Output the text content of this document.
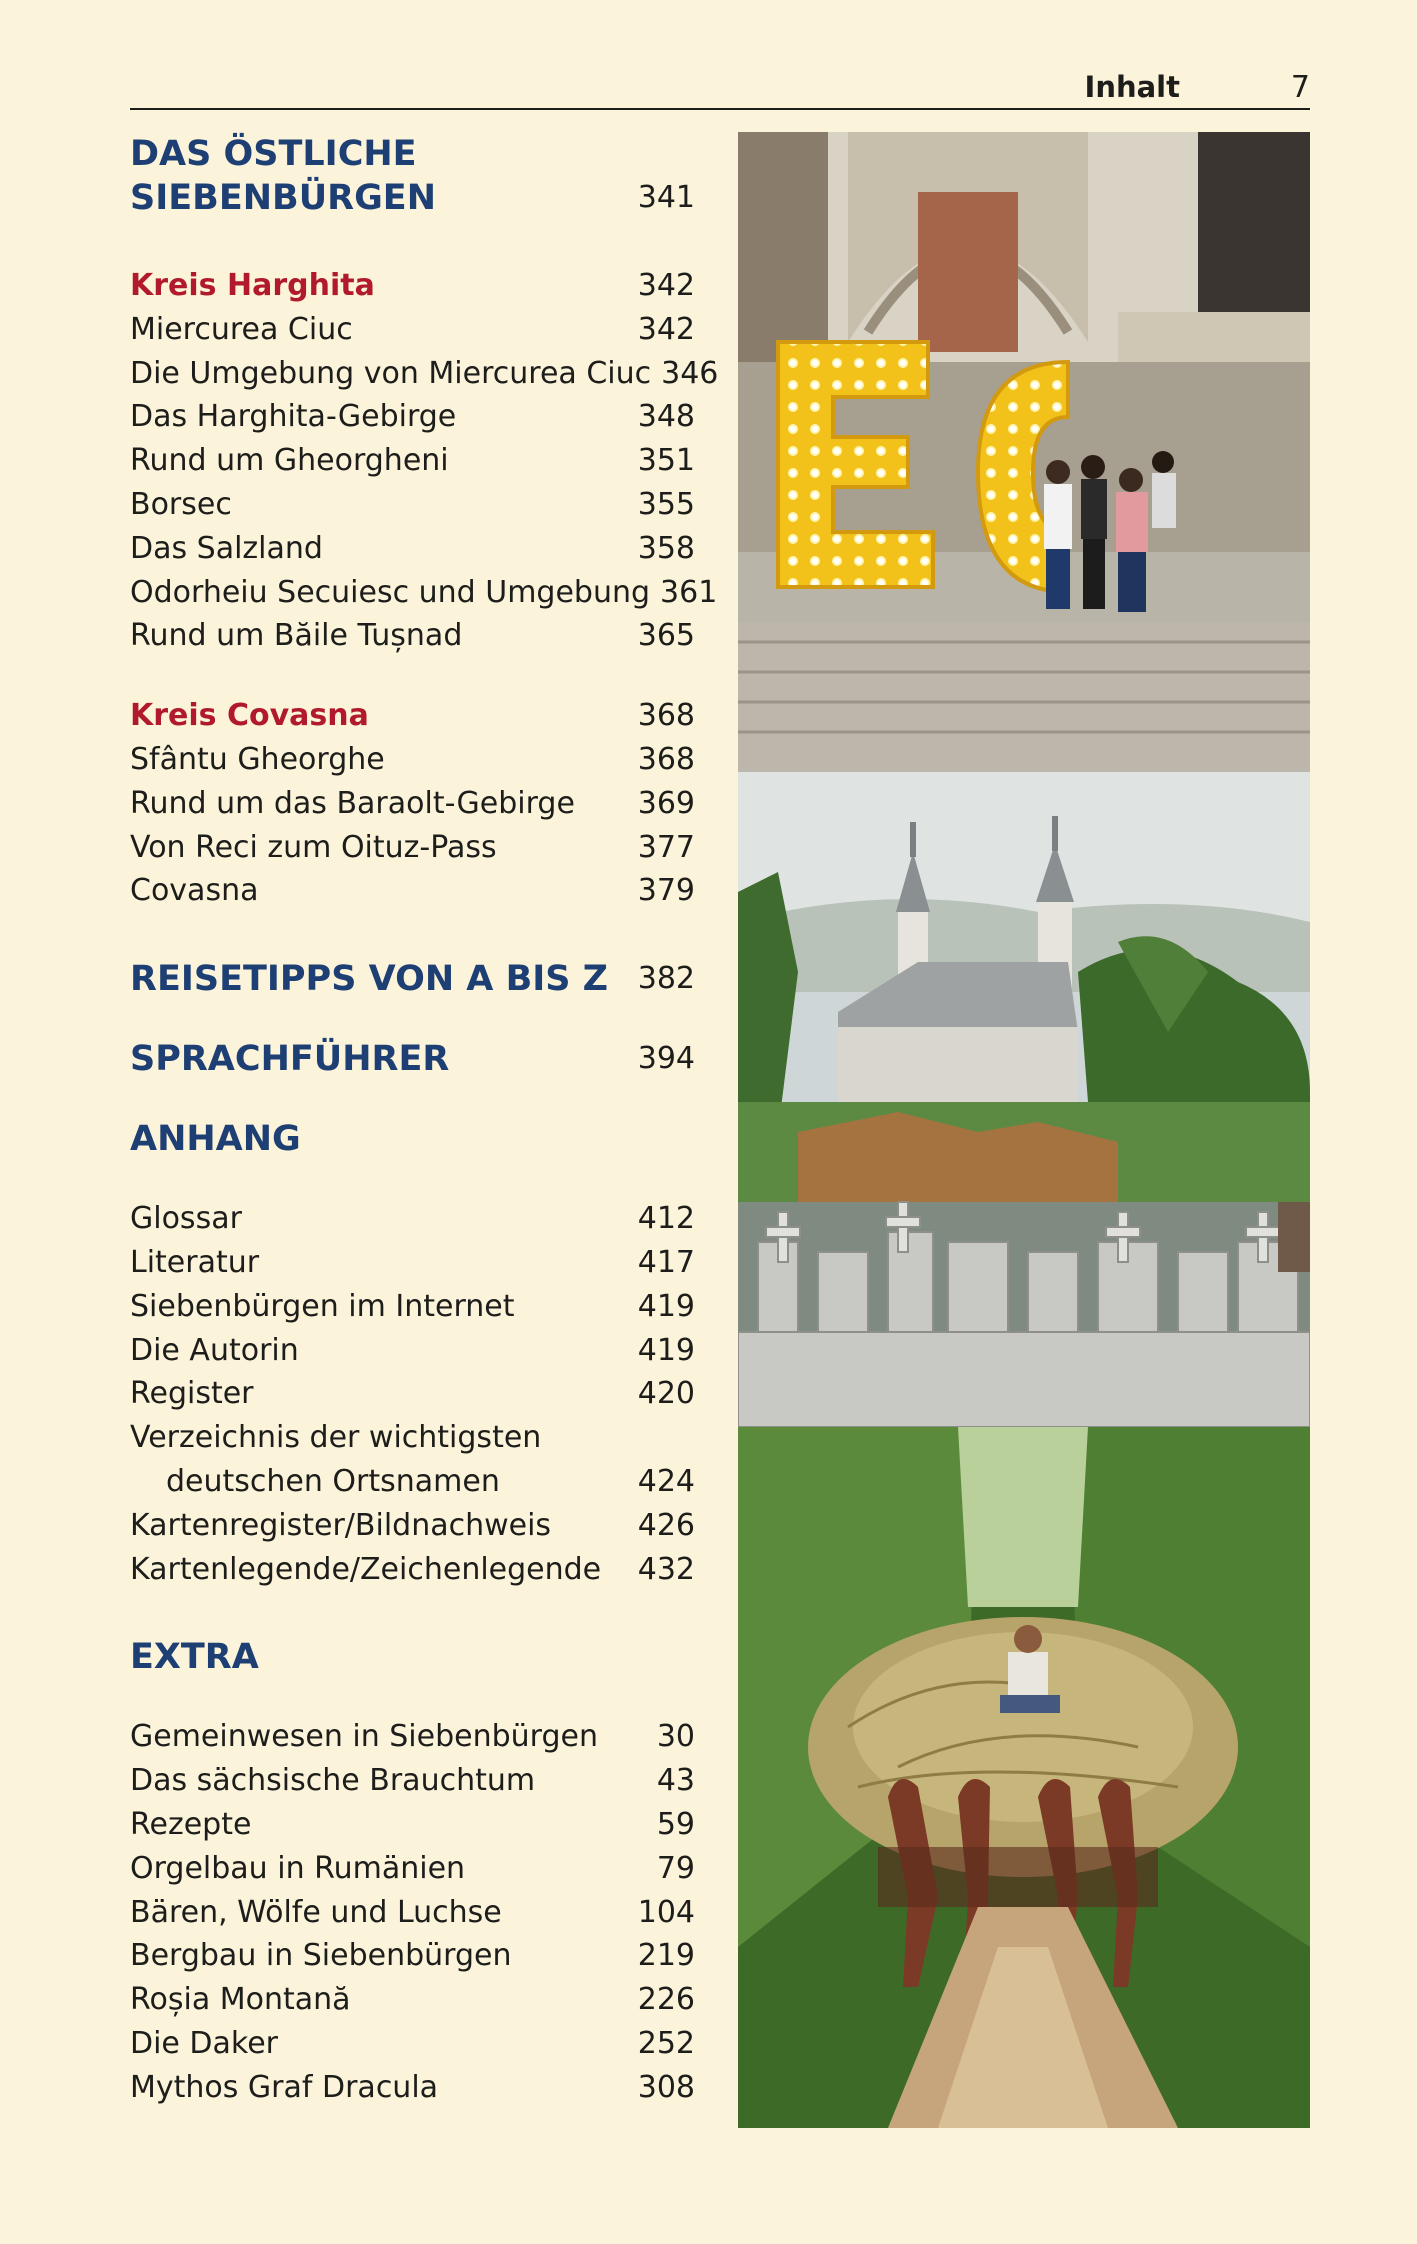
Inhalt	7
DAS ÖSTLICHE
SIEBENBÜRGEN	341
Kreis Harghita	342
Miercurea Ciuc	342
Die Umgebung von Miercurea Ciuc 346
Das Harghita-Gebirge	348
Rund um Gheorgheni	351
Borsec	355
Das Salzland	358
Odorheiu Secuiesc und Umgebung 361
Rund um Băile Tușnad	365
Kreis Covasna	368
Sfântu Gheorghe	368
Rund um das Baraolt-Gebirge 369
Von Reci zum Oituz-Pass	377
Covasna	379
REISETIPPS VON A BIS Z 382
SPRACHFÜHRER	394
ANHANG
Glossar	412
Literatur	417
Siebenbürgen im Internet	419
Die Autorin	419
Register	420
Verzeichnis der wichtigsten
deutschen Ortsnamen	424
Kartenregister/Bildnachweis	426
Kartenlegende/Zeichenlegende 432
EXTRA
Gemeinwesen in Siebenbürgen 30
Das sächsische Brauchtum	43
Rezepte	59
Orgelbau in Rumänien	79
Bären, Wölfe und Luchse	104
Bergbau in Siebenbürgen	219
Roșia Montană	226
Die Daker	252
Mythos Graf Dracula	308
